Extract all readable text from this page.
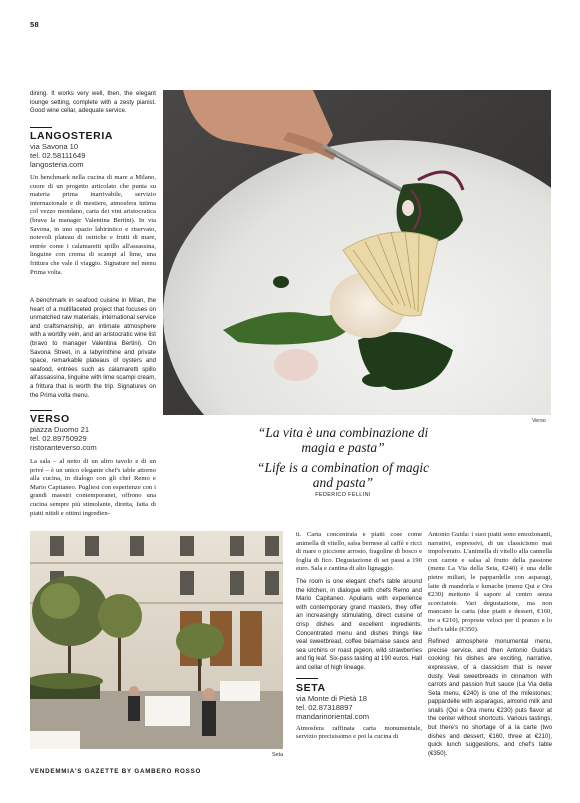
58

dining. It works very well, then, the elegant lounge setting, complete with a zesty pianist. Good wine cellar, adequate service.

LANGOSTERIA
via Savona 10
tel. 02.58111649
langosteria.com

Un benchmark nella cucina di mare a Milano, cuore di un progetto articolato che punta su materia prima inarrivabile, servizio internazionale e di mestiere, atmosfera intima col vezzo mondano, carta dei vini aristocratica (brava la manager Valentina Bertini). In via Savona, in uno spazio labirintico e riservato, notevoli plateau di ostriche e frutti di mare, entrée come i calamaretti spillo all'assassina, linguine con crema di scampi al lime, una frittura che vale il viaggio. Signature nel menu Prima volta.

A benchmark in seafood cuisine in Milan, the heart of a multifaceted project that focuses on unmatched raw materials, international service and craftsmanship, an intimate atmosphere with a worldly vein, and an aristocratic wine list (bravo to manager Valentina Bertini). On Savona Street, in a labyrinthine and private space, remarkable plateaus of oysters and seafood, entrées such as calamaretti spillo all'assassina, linguine with lime scampi cream, a frittura that is worth the trip. Signatures on the Prima volta menu.

VERSO
piazza Duomo 21
tel. 02.89750929
ristoranteverso.com

La sala – al netto di un altro tavolo e di un privé – è un unico elegante chef's table attorno alla cucina, in dialogo con gli chef Remo e Mario Capitaneo. Pugliesi con esperienze con i grandi maestri contemporanei, offrono una cucina sempre più stimolante, diretta, fatta di piatti nitidi e ottimi ingredien-

Verso

“La vita è una combinazione di magia e pasta”

“Life is a combination of magic and pasta”

FEDERICO FELLINI

Seta

ti. Carta concentrata e piatti cose come animella di vitello, salsa bernese al caffè e ricci di mare o piccione arrosto, fragoline di bosco e foglia di fico. Degustazione di sei passi a 190 euro. Sala e cantina di alto lignaggio.

The room is one elegant chef's table around the kitchen, in dialogue with chefs Remo and Mario Capitaneo. Apulians with experience with contemporary grand masters, they offer an increasingly stimulating, direct cuisine of crisp dishes and excellent ingredients. Concentrated menu and dishes things like veal sweetbread, coffee béarnaise sauce and sea urchins or roast pigeon, wild strawberries and fig leaf. Six-pass tasting at 190 euros. Hall and cellar of high lineage.

SETA
via Monte di Pietà 18
tel. 02.87318897
mandarinoriental.com

Atmosfera raffinata carta monumentale, servizio precisissimo e poi la cucina di

Antonio Guida: i suoi piatti sono emozionanti, narrativi, espressivi, di un classicismo mai impolverato. L'animella di vitello alla cannella con carote e salsa al frutto della passione (menu La Via della Seta, €240) è una delle pietre miliari, le pappardelle con asparagi, latte di mandorla e lumache (menu Qui e Ora €230) mettono il sapore al centro senza scorciatoie. Vari degustazione, ma non mancano la carta (due piatti e dessert, €160, tre a €210), proposte veloci per il pranzo e lo chef's table (€350).

Refined atmosphere monumental menu, precise service, and then Antonio Guida's cooking: his dishes are exciting, narrative, expressive, of a classicism that is never dusty. Veal sweetbreads in cinnamon with carrots and passion fruit sauce (La Via della Seta menu, €240) is one of the milestones; pappardelle with asparagus, almond milk and snails (Qui e Ora menu €230) puts flavor at the center without shortcuts. Various tastings, but there's no shortage of a la carte (two dishes and dessert, €160, three at €210), quick lunch suggestions, and chef's table (€350).

VENDEMMIA'S GAZETTE BY GAMBERO ROSSO
